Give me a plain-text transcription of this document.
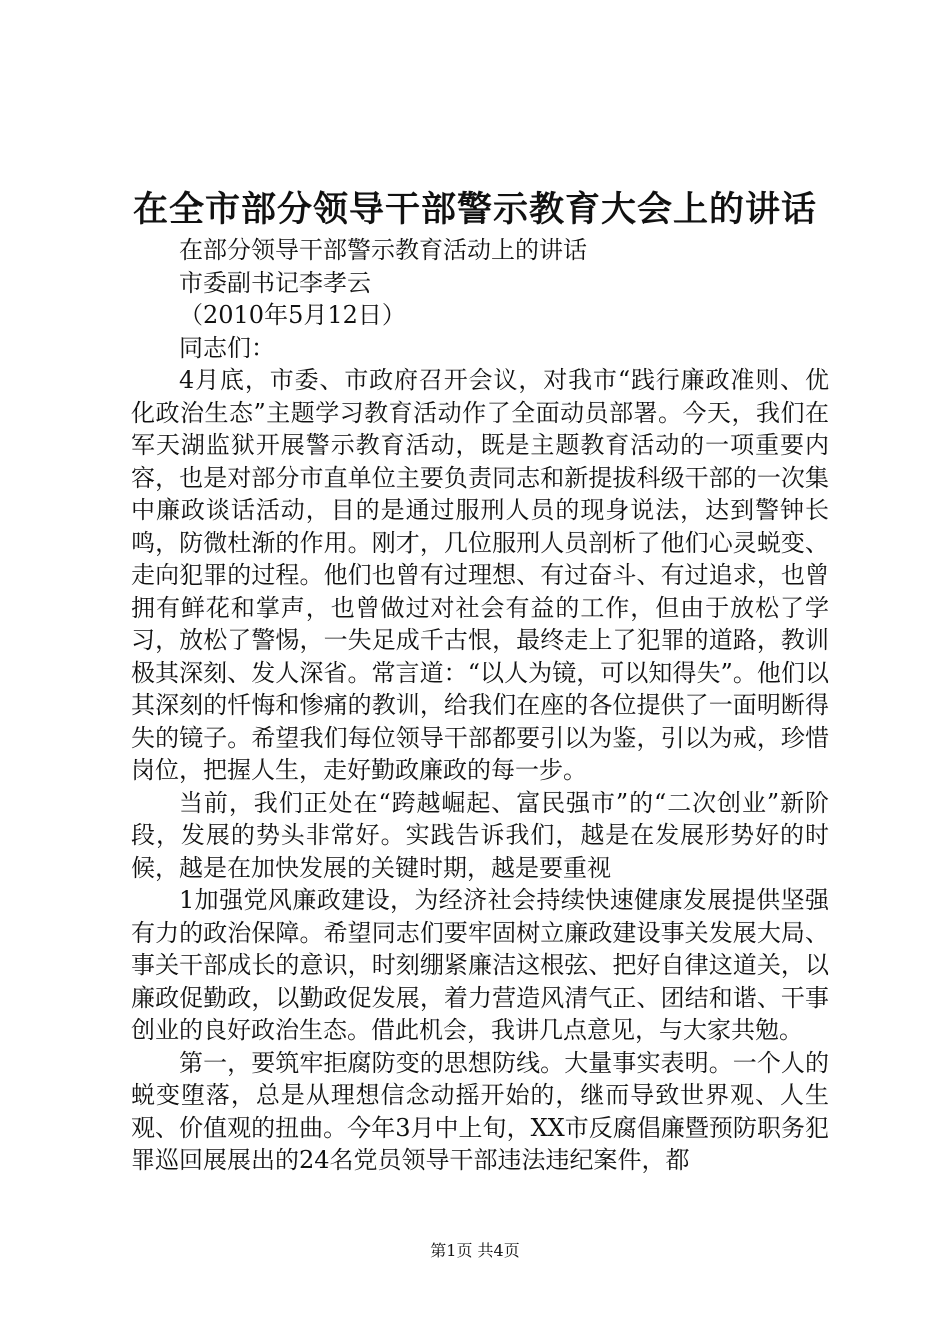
在全市部分领导干部警示教育大会上的讲话

在部分领导干部警示教育活动上的讲话

市委副书记李孝云

（2010年5月12日）

同志们：

4月底，市委、市政府召开会议，对我市“践行廉政准则、优化政治生态”主题学习教育活动作了全面动员部署。今天，我们在军天湖监狱开展警示教育活动，既是主题教育活动的一项重要内容，也是对部分市直单位主要负责同志和新提拔科级干部的一次集中廉政谈话活动，目的是通过服刑人员的现身说法，达到警钟长鸣，防微杜渐的作用。刚才，几位服刑人员剖析了他们心灵蜕变、走向犯罪的过程。他们也曾有过理想、有过奋斗、有过追求，也曾拥有鲜花和掌声，也曾做过对社会有益的工作，但由于放松了学习，放松了警惕，一失足成千古恨，最终走上了犯罪的道路，教训极其深刻、发人深省。常言道：“以人为镜，可以知得失”。他们以其深刻的忏悔和惨痛的教训，给我们在座的各位提供了一面明断得失的镜子。希望我们每位领导干部都要引以为鉴，引以为戒，珍惜岗位，把握人生，走好勤政廉政的每一步。

当前，我们正处在“跨越崛起、富民强市”的“二次创业”新阶段，发展的势头非常好。实践告诉我们，越是在发展形势好的时候，越是在加快发展的关键时期，越是要重视

1加强党风廉政建设，为经济社会持续快速健康发展提供坚强有力的政治保障。希望同志们要牢固树立廉政建设事关发展大局、事关干部成长的意识，时刻绷紧廉洁这根弦、把好自律这道关，以廉政促勤政，以勤政促发展，着力营造风清气正、团结和谐、干事创业的良好政治生态。借此机会，我讲几点意见，与大家共勉。

第一，要筑牢拒腐防变的思想防线。大量事实表明。一个人的蜕变堕落，总是从理想信念动摇开始的，继而导致世界观、人生观、价值观的扭曲。今年3月中上旬，XX市反腐倡廉暨预防职务犯罪巡回展展出的24名党员领导干部违法违纪案件，都

第1页 共4页
